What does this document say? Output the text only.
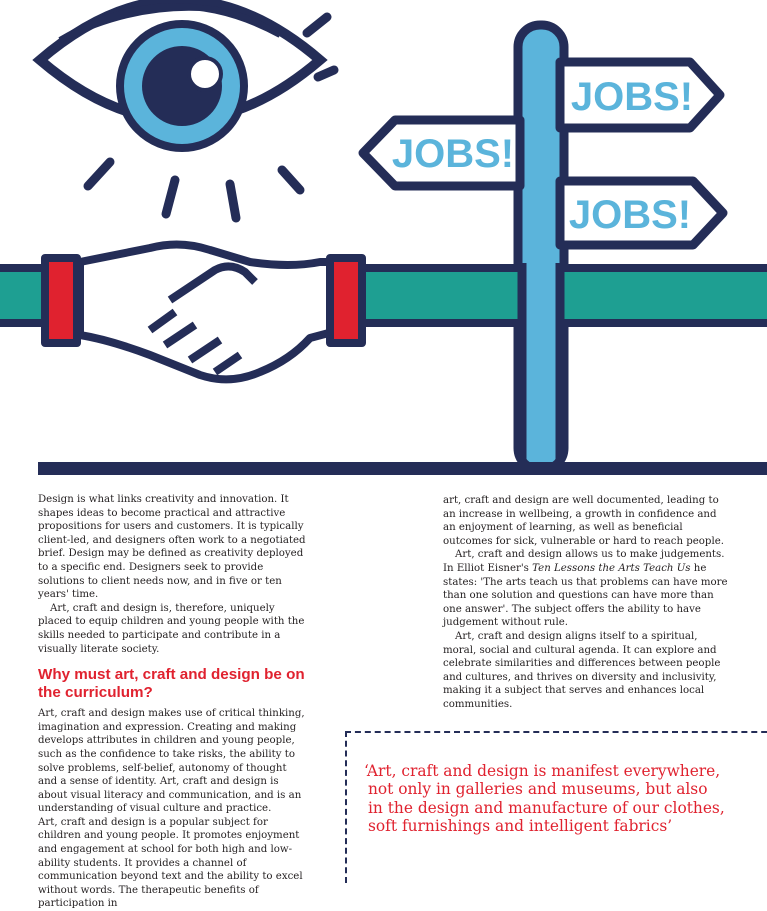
JOBS!
JOBS!
JOBS!

Design is what links creativity and innovation. It shapes ideas to become practical and attractive propositions for users and customers. It is typically client-led, and designers often work to a negotiated brief. Design may be defined as creativity deployed to a specific end. Designers seek to provide solutions to client needs now, and in five or ten years' time.

Art, craft and design is, therefore, uniquely placed to equip children and young people with the skills needed to participate and contribute in a visually literate society.

Why must art, craft and design be on the curriculum?

Art, craft and design makes use of critical thinking, imagination and expression. Creating and making develops attributes in children and young people, such as the confidence to take risks, the ability to solve problems, self-belief, autonomy of thought and a sense of identity. Art, craft and design is about visual literacy and communication, and is an understanding of visual culture and practice.

Art, craft and design is a popular subject for children and young people. It promotes enjoyment and engagement at school for both high and low-ability students. It provides a channel of communication beyond text and the ability to excel without words. The therapeutic benefits of participation in

art, craft and design are well documented, leading to an increase in wellbeing, a growth in confidence and an enjoyment of learning, as well as beneficial outcomes for sick, vulnerable or hard to reach people.

Art, craft and design allows us to make judgements. In Elliot Eisner's Ten Lessons the Arts Teach Us he states: 'The arts teach us that problems can have more than one solution and questions can have more than one answer'. The subject offers the ability to have judgement without rule.

Art, craft and design aligns itself to a spiritual, moral, social and cultural agenda. It can explore and celebrate similarities and differences between people and cultures, and thrives on diversity and inclusivity, making it a subject that serves and enhances local communities.

‘Art, craft and design is manifest everywhere,
not only in galleries and museums, but also
in the design and manufacture of our clothes,
soft furnishings and intelligent fabrics’
